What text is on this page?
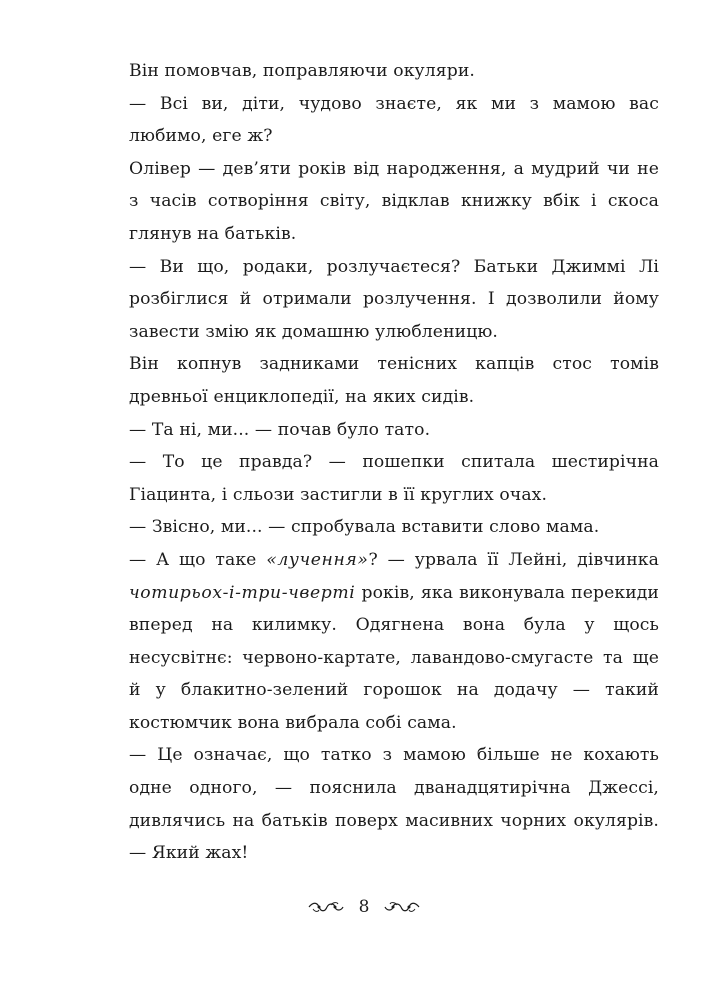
Він помовчав, поправляючи окуляри.

— Всі ви, діти, чудово знаєте, як ми з мамою вас любимо, еге ж?

Олівер — дев’яти років від народження, а мудрий чи не з часів сотворіння світу, відклав книжку вбік і скоса глянув на батьків.

— Ви що, родаки, розлучаєтеся? Батьки Джиммі Лі розбіглися й отримали розлучення. І дозволили йому завести змію як домашню улюбленицю.

Він копнув задниками тенісних капців стос томів древньої енциклопедії, на яких сидів.

— Та ні, ми... — почав було тато.

— То це правда? — пошепки спитала шестирічна Гіацинта, і сльози застигли в її круглих очах.

— Звісно, ми... — спробувала вставити слово мама.

— А що таке «лучення»? — урвала її Лейні, дівчинка чотирьох-і-три-чверті років, яка виконувала перекиди вперед на килимку. Одягнена вона була у щось несусвітнє: червоно-картате, лавандово-смугасте та ще й у блакитно-зелений горошок на додачу — такий костюмчик вона вибрала собі сама.

— Це означає, що татко з мамою більше не кохають одне одного, — пояснила дванадцятирічна Джессі, дивлячись на батьків поверх масивних чорних окулярів. — Який жах!

8
